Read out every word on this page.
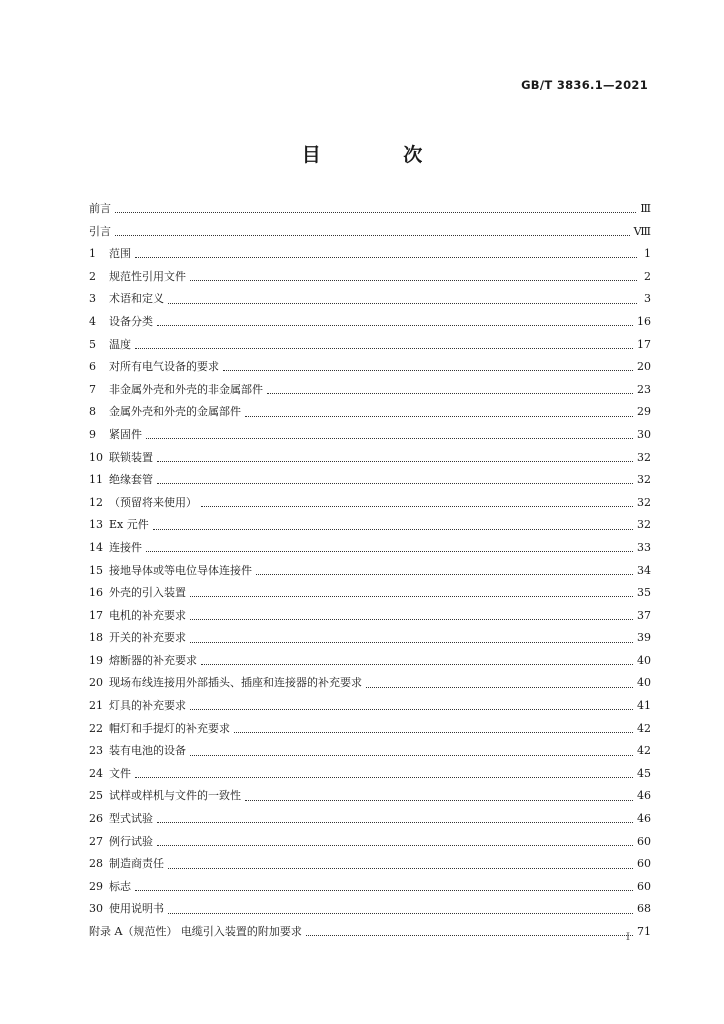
GB/T 3836.1—2021
目 次
前言	Ⅲ
引言	Ⅷ
1	范围	1
2	规范性引用文件	2
3	术语和定义	3
4	设备分类	16
5	温度	17
6	对所有电气设备的要求	20
7	非金属外壳和外壳的非金属部件	23
8	金属外壳和外壳的金属部件	29
9	紧固件	30
10 联锁装置	32
11 绝缘套管	32
12 （预留将来使用）	32
13 Ex 元件	32
14 连接件	33
15 接地导体或等电位导体连接件	34
16 外壳的引入装置	35
17 电机的补充要求	37
18 开关的补充要求	39
19 熔断器的补充要求	40
20 现场布线连接用外部插头、插座和连接器的补充要求	40
21 灯具的补充要求	41
22 帽灯和手提灯的补充要求	42
23 装有电池的设备	42
24 文件	45
25 试样或样机与文件的一致性	46
26 型式试验	46
27 例行试验	60
28 制造商责任	60
29 标志	60
30 使用说明书	68
附录 A（规范性） 电缆引入装置的附加要求	71
Ⅰ
